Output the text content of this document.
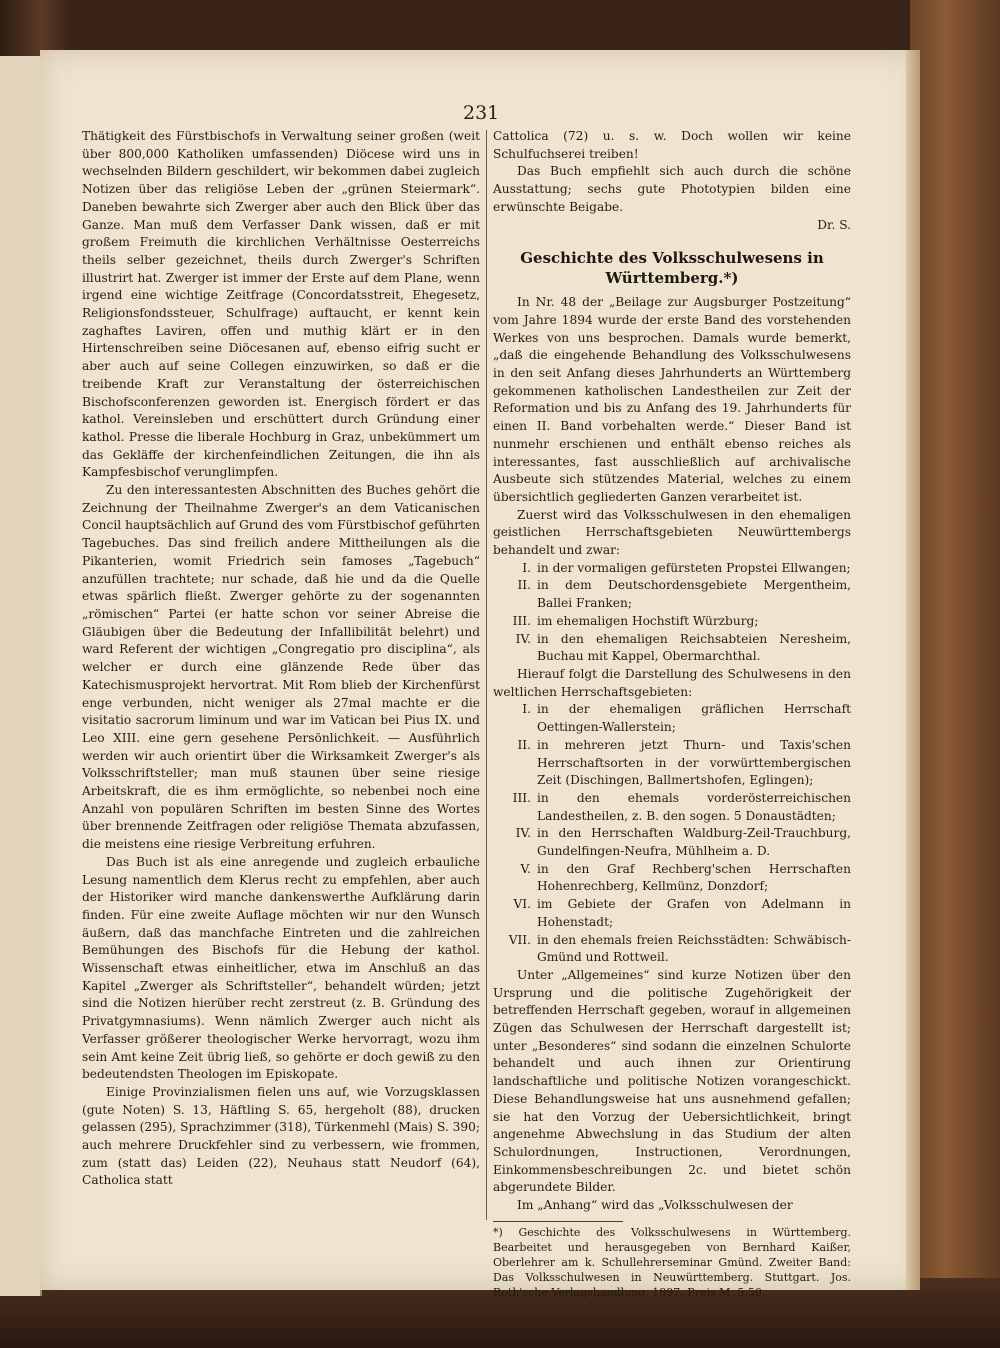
231

Thätigkeit des Fürstbischofs in Verwaltung seiner großen (weit über 800,000 Katholiken umfassenden) Diöcese wird uns in wechselnden Bildern geschildert, wir bekommen dabei zugleich Notizen über das religiöse Leben der „grünen Steiermark“. Daneben bewahrte sich Zwerger aber auch den Blick über das Ganze. Man muß dem Verfasser Dank wissen, daß er mit großem Freimuth die kirchlichen Verhältnisse Oesterreichs theils selber gezeichnet, theils durch Zwerger's Schriften illustrirt hat. Zwerger ist immer der Erste auf dem Plane, wenn irgend eine wichtige Zeitfrage (Concordatsstreit, Ehegesetz, Religionsfondssteuer, Schulfrage) auftaucht, er kennt kein zaghaftes Laviren, offen und muthig klärt er in den Hirtenschreiben seine Diöcesanen auf, ebenso eifrig sucht er aber auch auf seine Collegen einzuwirken, so daß er die treibende Kraft zur Veranstaltung der österreichischen Bischofsconferenzen geworden ist. Energisch fördert er das kathol. Vereinsleben und erschüttert durch Gründung einer kathol. Presse die liberale Hochburg in Graz, unbekümmert um das Gekläffe der kirchenfeindlichen Zeitungen, die ihn als Kampfesbischof verunglimpfen.

Zu den interessantesten Abschnitten des Buches gehört die Zeichnung der Theilnahme Zwerger's an dem Vaticanischen Concil hauptsächlich auf Grund des vom Fürstbischof geführten Tagebuches. Das sind freilich andere Mittheilungen als die Pikanterien, womit Friedrich sein famoses „Tagebuch“ anzufüllen trachtete; nur schade, daß hie und da die Quelle etwas spärlich fließt. Zwerger gehörte zu der sogenannten „römischen“ Partei (er hatte schon vor seiner Abreise die Gläubigen über die Bedeutung der Infallibilität belehrt) und ward Referent der wichtigen „Congregatio pro disciplina“, als welcher er durch eine glänzende Rede über das Katechismusprojekt hervortrat. Mit Rom blieb der Kirchenfürst enge verbunden, nicht weniger als 27mal machte er die visitatio sacrorum liminum und war im Vatican bei Pius IX. und Leo XIII. eine gern gesehene Persönlichkeit. — Ausführlich werden wir auch orientirt über die Wirksamkeit Zwerger's als Volksschriftsteller; man muß staunen über seine riesige Arbeitskraft, die es ihm ermöglichte, so nebenbei noch eine Anzahl von populären Schriften im besten Sinne des Wortes über brennende Zeitfragen oder religiöse Themata abzufassen, die meistens eine riesige Verbreitung erfuhren.

Das Buch ist als eine anregende und zugleich erbauliche Lesung namentlich dem Klerus recht zu empfehlen, aber auch der Historiker wird manche dankenswerthe Aufklärung darin finden. Für eine zweite Auflage möchten wir nur den Wunsch äußern, daß das manchfache Eintreten und die zahlreichen Bemühungen des Bischofs für die Hebung der kathol. Wissenschaft etwas einheitlicher, etwa im Anschluß an das Kapitel „Zwerger als Schriftsteller“, behandelt würden; jetzt sind die Notizen hierüber recht zerstreut (z. B. Gründung des Privatgymnasiums). Wenn nämlich Zwerger auch nicht als Verfasser größerer theologischer Werke hervorragt, wozu ihm sein Amt keine Zeit übrig ließ, so gehörte er doch gewiß zu den bedeutendsten Theologen im Episkopate.

Einige Provinzialismen fielen uns auf, wie Vorzugsklassen (gute Noten) S. 13, Häftling S. 65, hergeholt (88), drucken gelassen (295), Sprachzimmer (318), Türkenmehl (Mais) S. 390; auch mehrere Druckfehler sind zu verbessern, wie frommen, zum (statt das) Leiden (22), Neuhaus statt Neudorf (64), Catholica statt

Cattolica (72) u. s. w. Doch wollen wir keine Schulfuchserei treiben!

Das Buch empfiehlt sich auch durch die schöne Ausstattung; sechs gute Phototypien bilden eine erwünschte Beigabe.

Dr. S.

Geschichte des Volksschulwesens in Württemberg.*)

In Nr. 48 der „Beilage zur Augsburger Postzeitung“ vom Jahre 1894 wurde der erste Band des vorstehenden Werkes von uns besprochen. Damals wurde bemerkt, „daß die eingehende Behandlung des Volksschulwesens in den seit Anfang dieses Jahrhunderts an Württemberg gekommenen katholischen Landestheilen zur Zeit der Reformation und bis zu Anfang des 19. Jahrhunderts für einen II. Band vorbehalten werde.“ Dieser Band ist nunmehr erschienen und enthält ebenso reiches als interessantes, fast ausschließlich auf archivalische Ausbeute sich stützendes Material, welches zu einem übersichtlich gegliederten Ganzen verarbeitet ist.

Zuerst wird das Volksschulwesen in den ehemaligen geistlichen Herrschaftsgebieten Neuwürttembergs behandelt und zwar:

I. in der vormaligen gefürsteten Propstei Ellwangen;
II. in dem Deutschordensgebiete Mergentheim, Ballei Franken;
III. im ehemaligen Hochstift Würzburg;
IV. in den ehemaligen Reichsabteien Neresheim, Buchau mit Kappel, Obermarchthal.

Hierauf folgt die Darstellung des Schulwesens in den weltlichen Herrschaftsgebieten:

I. in der ehemaligen gräflichen Herrschaft Oettingen-Wallerstein;
II. in mehreren jetzt Thurn- und Taxis'schen Herrschaftsorten in der vorwürttembergischen Zeit (Dischingen, Ballmertshofen, Eglingen);
III. in den ehemals vorderösterreichischen Landestheilen, z. B. den sogen. 5 Donaustädten;
IV. in den Herrschaften Waldburg-Zeil-Trauchburg, Gundelfingen-Neufra, Mühlheim a. D.
V. in den Graf Rechberg'schen Herrschaften Hohenrechberg, Kellmünz, Donzdorf;
VI. im Gebiete der Grafen von Adelmann in Hohenstadt;
VII. in den ehemals freien Reichsstädten: Schwäbisch-Gmünd und Rottweil.

Unter „Allgemeines“ sind kurze Notizen über den Ursprung und die politische Zugehörigkeit der betreffenden Herrschaft gegeben, worauf in allgemeinen Zügen das Schulwesen der Herrschaft dargestellt ist; unter „Besonderes“ sind sodann die einzelnen Schulorte behandelt und auch ihnen zur Orientirung landschaftliche und politische Notizen vorangeschickt. Diese Behandlungsweise hat uns ausnehmend gefallen; sie hat den Vorzug der Uebersichtlichkeit, bringt angenehme Abwechslung in das Studium der alten Schulordnungen, Instructionen, Verordnungen, Einkommensbeschreibungen 2c. und bietet schön abgerundete Bilder.

Im „Anhang“ wird das „Volksschulwesen der

*) Geschichte des Volksschulwesens in Württemberg. Bearbeitet und herausgegeben von Bernhard Kaißer, Oberlehrer am k. Schullehrerseminar Gmünd. Zweiter Band: Das Volksschulwesen in Neuwürttemberg. Stuttgart. Jos. Roth'sche Verlagshandlung. 1897. Preis M. 5,50.
